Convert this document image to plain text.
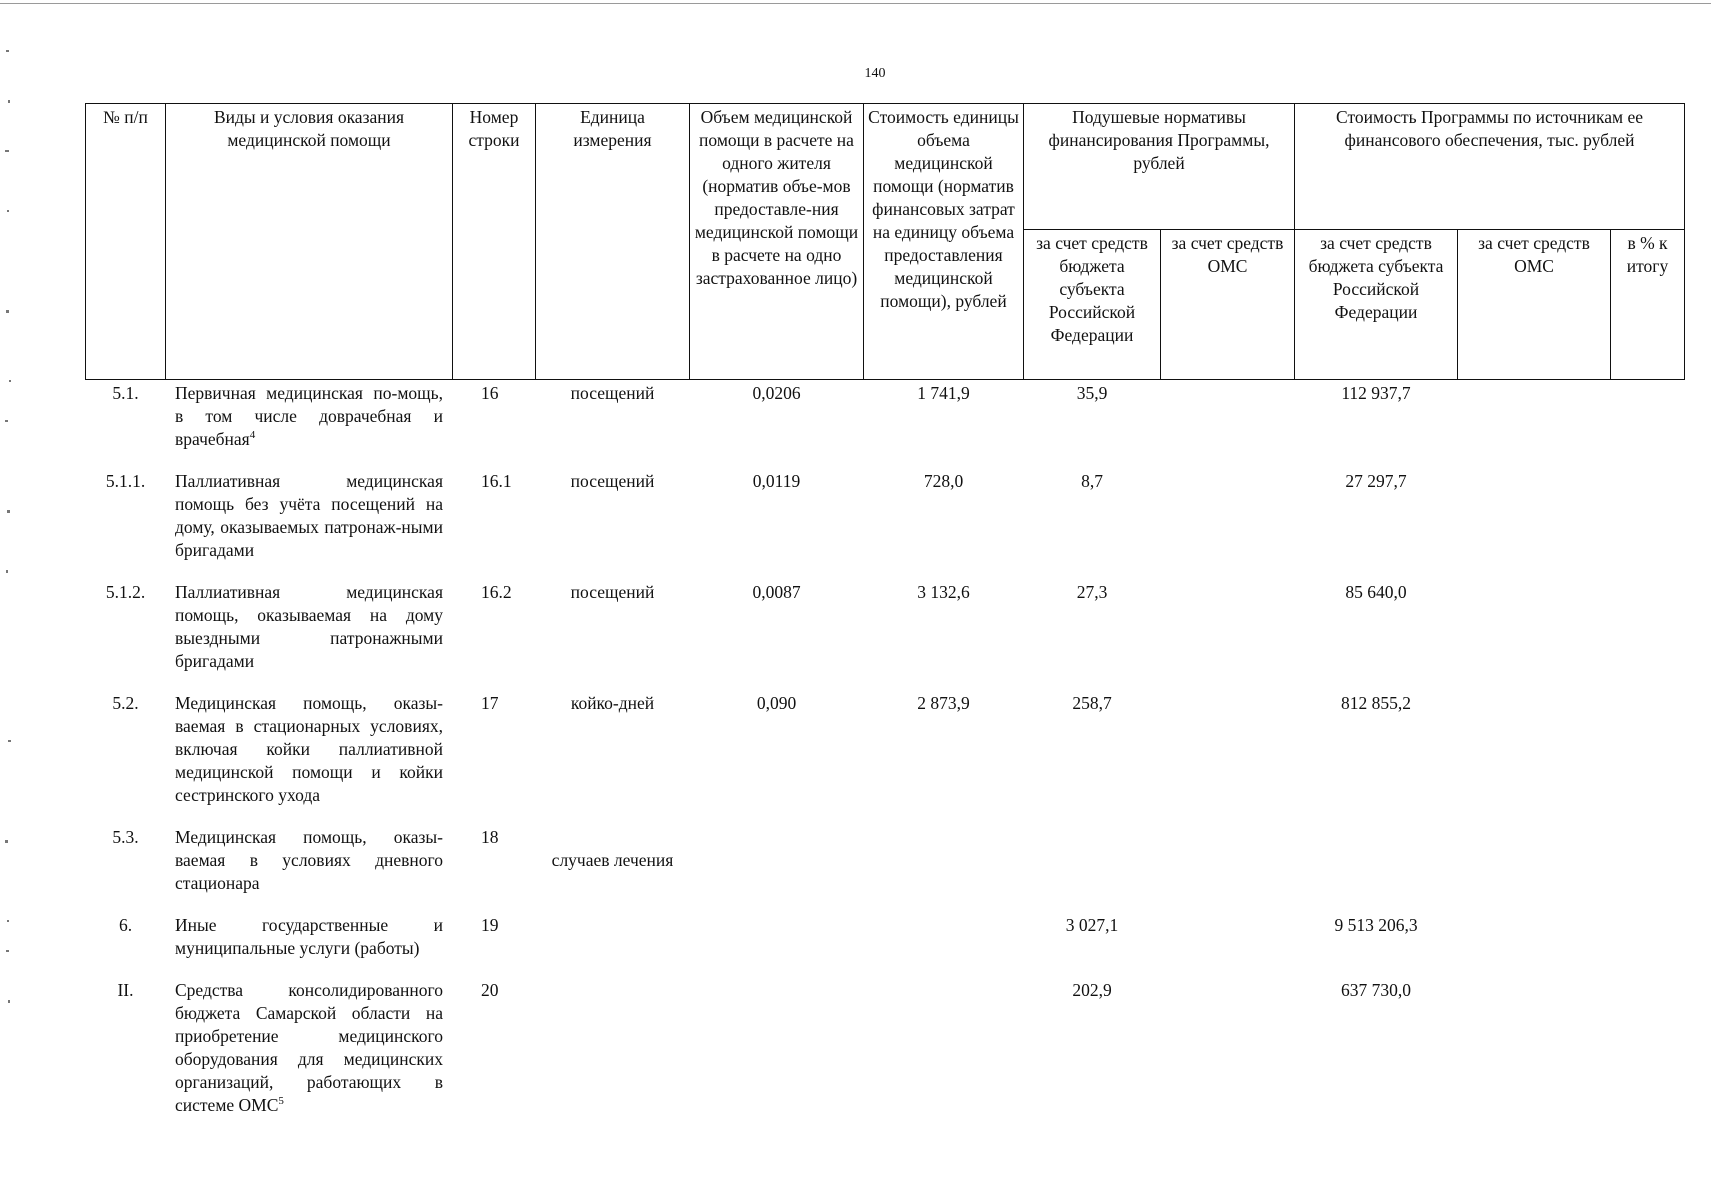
140
№ п/п	Виды и условия оказания медицинской помощи	Номер строки	Единица измерения	Объем медицинской помощи в расчете на одного жителя (норматив объе-мов предоставле-ния медицинской помощи в расчете на одно застрахованное лицо)	Стоимость единицы объема медицинской помощи (норматив финансовых затрат на единицу объема предоставления медицинской помощи), рублей	Подушевые нормативы финансирования Программы, рублей		Стоимость Программы по источникам ее финансового обеспечения, тыс. рублей		
						за счет средств бюджета субъекта Российской Федерации	за счет средств ОМС	за счет средств бюджета субъекта Российской Федерации	за счет средств ОМС	в % к итогу
5.1.	Первичная медицинская по-мощь, в том числе доврачебная и врачебная$^4$	16	посещений	0,0206	1 741,9	35,9		112 937,7		
5.1.1.	Паллиативная медицинская помощь без учёта посещений на дому, оказываемых патронаж-ными бригадами	16.1	посещений	0,0119	728,0	8,7		27 297,7		
5.1.2.	Паллиативная медицинская помощь, оказываемая на дому выездными патронажными бригадами	16.2	посещений	0,0087	3 132,6	27,3		85 640,0		
5.2.	Медицинская помощь, оказы-ваемая в стационарных условиях, включая койки паллиативной медицинской помощи и койки сестринского ухода	17	койко-дней	0,090	2 873,9	258,7		812 855,2		
5.3.	Медицинская помощь, оказы-ваемая в условиях дневного стационара	18	случаев лечения							
6.	Иные государственные и муниципальные услуги (работы)	19				3 027,1		9 513 206,3		
II.	Средства консолидированного бюджета Самарской области на приобретение медицинского оборудования для медицинских организаций, работающих в системе ОМС$^5$	20				202,9		637 730,0		
